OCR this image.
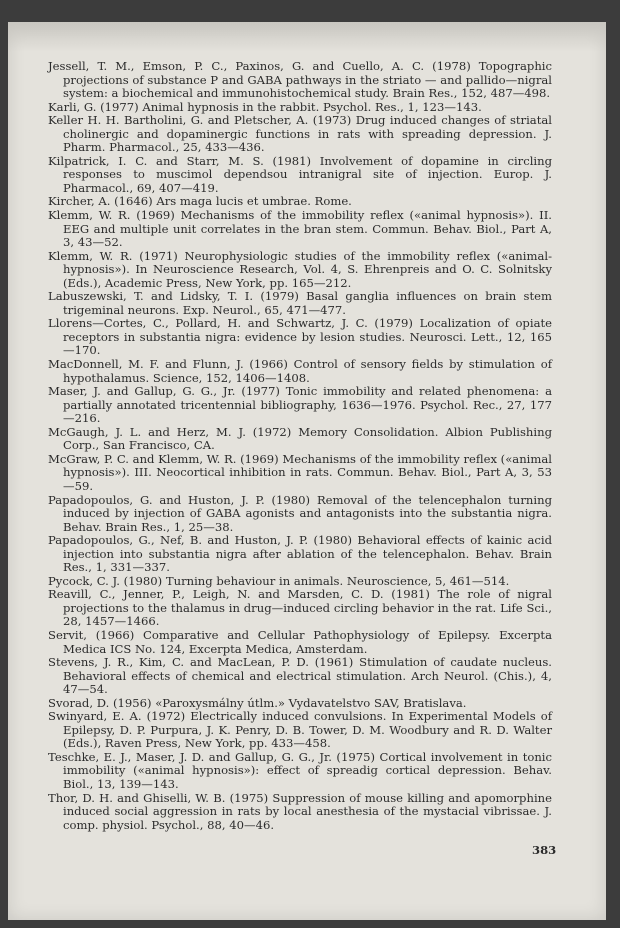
Jessell, T. M., Emson, P. C., Paxinos, G. and Cuello, A. C. (1978) Topographic projections of substance P and GABA pathways in the striato — and pallido—nigral system: a biochemical and immunohistochemical study. Brain Res., 152, 487—498.
Karli, G. (1977) Animal hypnosis in the rabbit. Psychol. Res., 1, 123—143.
Keller H. H. Bartholini, G. and Pletscher, A. (1973) Drug induced changes of striatal cholinergic and dopaminergic functions in rats with spreading depression. J. Pharm. Pharmacol., 25, 433—436.
Kilpatrick, I. C. and Starr, M. S. (1981) Involvement of dopamine in circling responses to muscimol dependsou intranigral site of injection. Europ. J. Pharmacol., 69, 407—419.
Kircher, A. (1646) Ars maga lucis et umbrae. Rome.
Klemm, W. R. (1969) Mechanisms of the immobility reflex («animal hypnosis»). II. EEG and multiple unit correlates in the bran stem. Commun. Behav. Biol., Part A, 3, 43—52.
Klemm, W. R. (1971) Neurophysiologic studies of the immobility reflex («animal-hypnosis»). In Neuroscience Research, Vol. 4, S. Ehrenpreis and O. C. Solnitsky (Eds.), Academic Press, New York, pp. 165—212.
Labuszewski, T. and Lidsky, T. I. (1979) Basal ganglia influences on brain stem trigeminal neurons. Exp. Neurol., 65, 471—477.
Llorens—Cortes, C., Pollard, H. and Schwartz, J. C. (1979) Localization of opiate receptors in substantia nigra: evidence by lesion studies. Neurosci. Lett., 12, 165—170.
MacDonnell, M. F. and Flunn, J. (1966) Control of sensory fields by stimulation of hypothalamus. Science, 152, 1406—1408.
Maser, J. and Gallup, G. G., Jr. (1977) Tonic immobility and related phenomena: a partially annotated tricentennial bibliography, 1636—1976. Psychol. Rec., 27, 177—216.
McGaugh, J. L. and Herz, M. J. (1972) Memory Consolidation. Albion Publishing Corp., San Francisco, CA.
McGraw, P. C. and Klemm, W. R. (1969) Mechanisms of the immobility reflex («animal hypnosis»). III. Neocortical inhibition in rats. Commun. Behav. Biol., Part A, 3, 53—59.
Papadopoulos, G. and Huston, J. P. (1980) Removal of the telencephalon turning induced by injection of GABA agonists and antagonists into the substantia nigra. Behav. Brain Res., 1, 25—38.
Papadopoulos, G., Nef, B. and Huston, J. P. (1980) Behavioral effects of kainic acid injection into substantia nigra after ablation of the telencephalon. Behav. Brain Res., 1, 331—337.
Pycock, C. J. (1980) Turning behaviour in animals. Neuroscience, 5, 461—514.
Reavill, C., Jenner, P., Leigh, N. and Marsden, C. D. (1981) The role of nigral projections to the thalamus in drug—induced circling behavior in the rat. Life Sci., 28, 1457—1466.
Servit, (1966) Comparative and Cellular Pathophysiology of Epilepsy. Excerpta Medica ICS No. 124, Excerpta Medica, Amsterdam.
Stevens, J. R., Kim, C. and MacLean, P. D. (1961) Stimulation of caudate nucleus. Behavioral effects of chemical and electrical stimulation. Arch Neurol. (Chis.), 4, 47—54.
Svorad, D. (1956) «Paroxysmálny útlm.» Vydavatelstvo SAV, Bratislava.
Swinyard, E. A. (1972) Electrically induced convulsions. In Experimental Models of Epilepsy, D. P. Purpura, J. K. Penry, D. B. Tower, D. M. Woodbury and R. D. Walter (Eds.), Raven Press, New York, pp. 433—458.
Teschke, E. J., Maser, J. D. and Gallup, G. G., Jr. (1975) Cortical involvement in tonic immobility («animal hypnosis»): effect of spreadig cortical depression. Behav. Biol., 13, 139—143.
Thor, D. H. and Ghiselli, W. B. (1975) Suppression of mouse killing and apomorphine induced social aggression in rats by local anesthesia of the mystacial vibrissae. J. comp. physiol. Psychol., 88, 40—46.
383
